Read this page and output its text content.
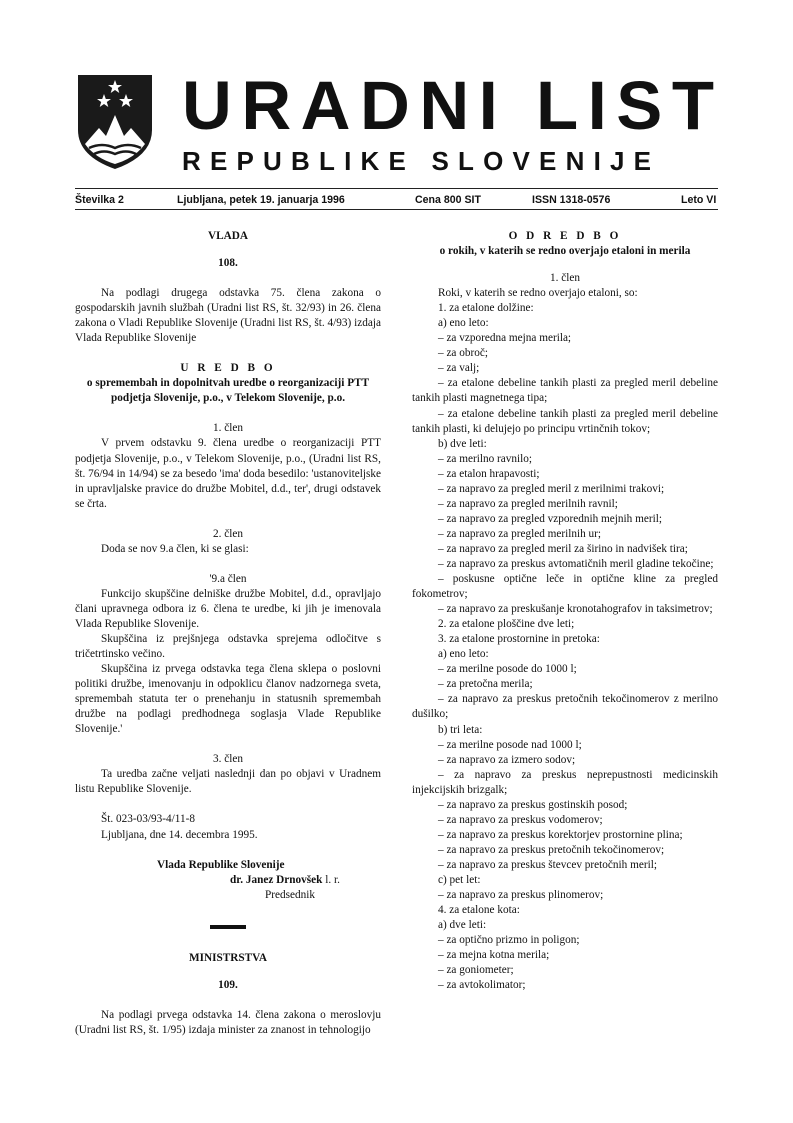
URADNI LIST
REPUBLIKE SLOVENIJE
Številka 2	Ljubljana, petek 19. januarja 1996	Cena 800 SIT	ISSN 1318-0576	Leto VI

VLADA

108.

Na podlagi drugega odstavka 75. člena zakona o gospodarskih javnih službah (Uradni list RS, št. 32/93) in 26. člena zakona o Vladi Republike Slovenije (Uradni list RS, št. 4/93) izdaja Vlada Republike Slovenije

U R E D B O

o spremembah in dopolnitvah uredbe o reorganizaciji PTT podjetja Slovenije, p.o., v Telekom Slovenije, p.o.

1. člen

V prvem odstavku 9. člena uredbe o reorganizaciji PTT podjetja Slovenije, p.o., v Telekom Slovenije, p.o., (Uradni list RS, št. 76/94 in 14/94) se za besedo 'ima' doda besedilo: 'ustanoviteljske in upravljalske pravice do družbe Mobitel, d.d., ter', drugi odstavek se črta.

2. člen

Doda se nov 9.a člen, ki se glasi:

'9.a člen

Funkcijo skupščine delniške družbe Mobitel, d.d., opravljajo člani upravnega odbora iz 6. člena te uredbe, ki jih je imenovala Vlada Republike Slovenije.

Skupščina iz prejšnjega odstavka sprejema odločitve s tričetrtinsko večino.

Skupščina iz prvega odstavka tega člena sklepa o poslovni politiki družbe, imenovanju in odpoklicu članov nadzornega sveta, spremembah statuta ter o prenehanju in statusnih spremembah družbe na podlagi predhodnega soglasja Vlade Republike Slovenije.'

3. člen

Ta uredba začne veljati naslednji dan po objavi v Uradnem listu Republike Slovenije.

Št. 023-03/93-4/11-8

Ljubljana, dne 14. decembra 1995.

Vlada Republike Slovenije

dr. Janez Drnovšek l. r.

Predsednik

MINISTRSTVA

109.

Na podlagi prvega odstavka 14. člena zakona o meroslovju (Uradni list RS, št. 1/95) izdaja minister za znanost in tehnologijo

O D R E D B O

o rokih, v katerih se redno overjajo etaloni in merila

1. člen

Roki, v katerih se redno overjajo etaloni, so:

1. za etalone dolžine:

a) eno leto:

– za vzporedna mejna merila;

– za obroč;

– za valj;

– za etalone debeline tankih plasti za pregled meril debeline tankih plasti magnetnega tipa;

– za etalone debeline tankih plasti za pregled meril debeline tankih plasti, ki delujejo po principu vrtinčnih tokov;

b) dve leti:

– za merilno ravnilo;

– za etalon hrapavosti;

– za napravo za pregled meril z merilnimi trakovi;

– za napravo za pregled merilnih ravnil;

– za napravo za pregled vzporednih mejnih meril;

– za napravo za pregled merilnih ur;

– za napravo za pregled meril za širino in nadvišek tira;

– za napravo za preskus avtomatičnih meril gladine tekočine;

– poskusne optične leče in optične kline za pregled fokometrov;

– za napravo za preskušanje kronotahografov in taksimetrov;

2. za etalone ploščine dve leti;

3. za etalone prostornine in pretoka:

a) eno leto:

– za merilne posode do 1000 l;

– za pretočna merila;

– za napravo za preskus pretočnih tekočinomerov z merilno dušilko;

b) tri leta:

– za merilne posode nad 1000 l;

– za napravo za izmero sodov;

– za napravo za preskus neprepustnosti medicinskih injekcijskih brizgalk;

– za napravo za preskus gostinskih posod;

– za napravo za preskus vodomerov;

– za napravo za preskus korektorjev prostornine plina;

– za napravo za preskus pretočnih tekočinomerov;

– za napravo za preskus števcev pretočnih meril;

c) pet let:

– za napravo za preskus plinomerov;

4. za etalone kota:

a) dve leti:

– za optično prizmo in poligon;

– za mejna kotna merila;

– za goniometer;

– za avtokolimator;
